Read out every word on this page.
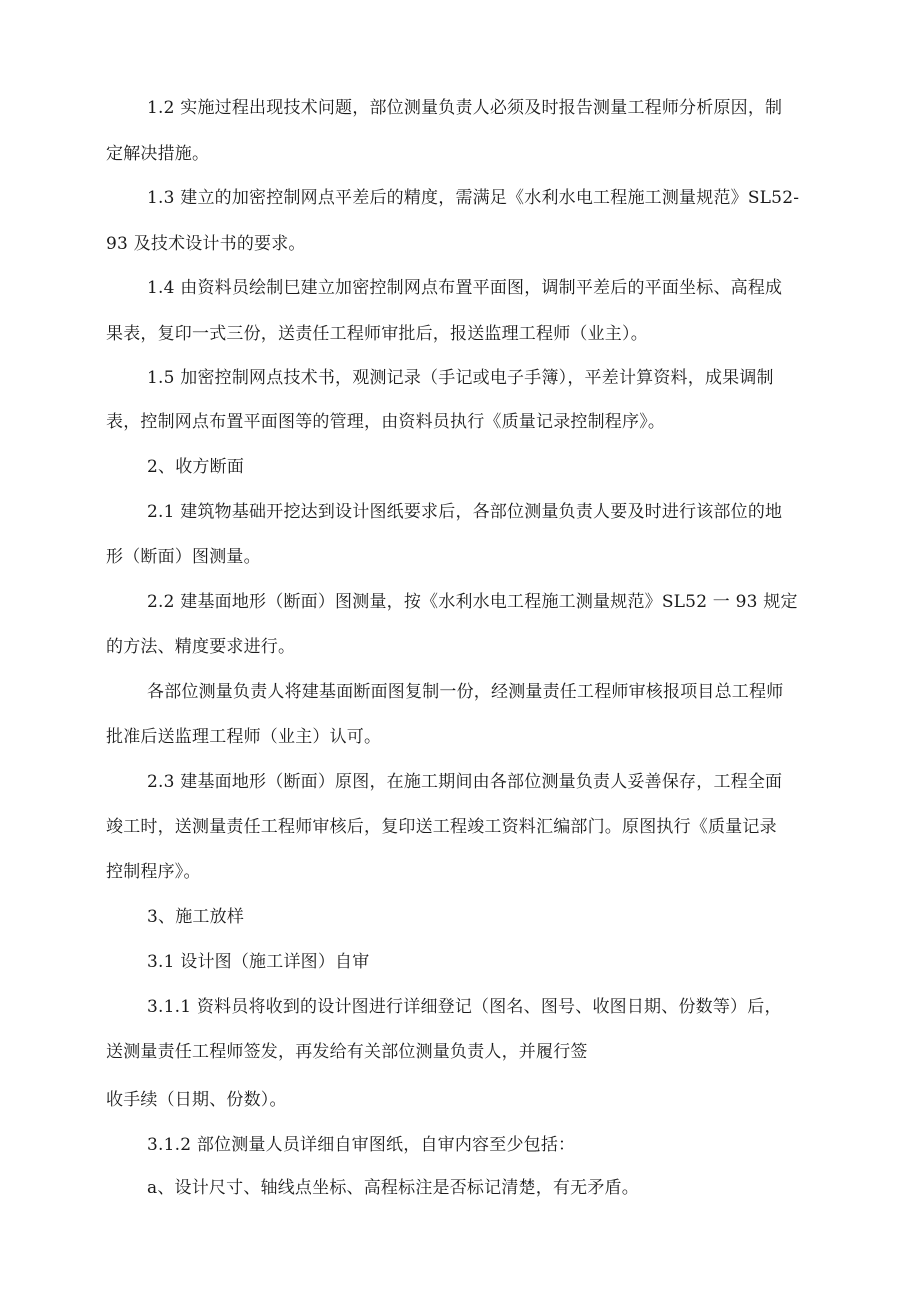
1.2 实施过程出现技术问题，部位测量负责人必须及时报告测量工程师分析原因，制
定解决措施。
1.3 建立的加密控制网点平差后的精度，需满足《水利水电工程施工测量规范》SL52-
93 及技术设计书的要求。
1.4 由资料员绘制巳建立加密控制网点布置平面图，调制平差后的平面坐标、高程成
果表，复印一式三份，送责任工程师审批后，报送监理工程师（业主）。
1.5 加密控制网点技术书，观测记录（手记或电子手簿），平差计算资料，成果调制
表，控制网点布置平面图等的管理，由资料员执行《质量记录控制程序》。
2、收方断面
2.1 建筑物基础开挖达到设计图纸要求后，各部位测量负责人要及时进行该部位的地
形（断面）图测量。
2.2 建基面地形（断面）图测量，按《水利水电工程施工测量规范》SL52 一 93 规定
的方法、精度要求进行。
各部位测量负责人将建基面断面图复制一份，经测量责任工程师审核报项目总工程师
批准后送监理工程师（业主）认可。
2.3 建基面地形（断面）原图，在施工期间由各部位测量负责人妥善保存，工程全面
竣工时，送测量责任工程师审核后，复印送工程竣工资料汇编部门。原图执行《质量记录
控制程序》。
3、施工放样
3.1 设计图（施工详图）自审
3.1.1 资料员将收到的设计图进行详细登记（图名、图号、收图日期、份数等）后，
送测量责任工程师签发，再发给有关部位测量负责人，并履行签
收手续（日期、份数）。
3.1.2 部位测量人员详细自审图纸，自审内容至少包括：
a、设计尺寸、轴线点坐标、高程标注是否标记清楚，有无矛盾。
